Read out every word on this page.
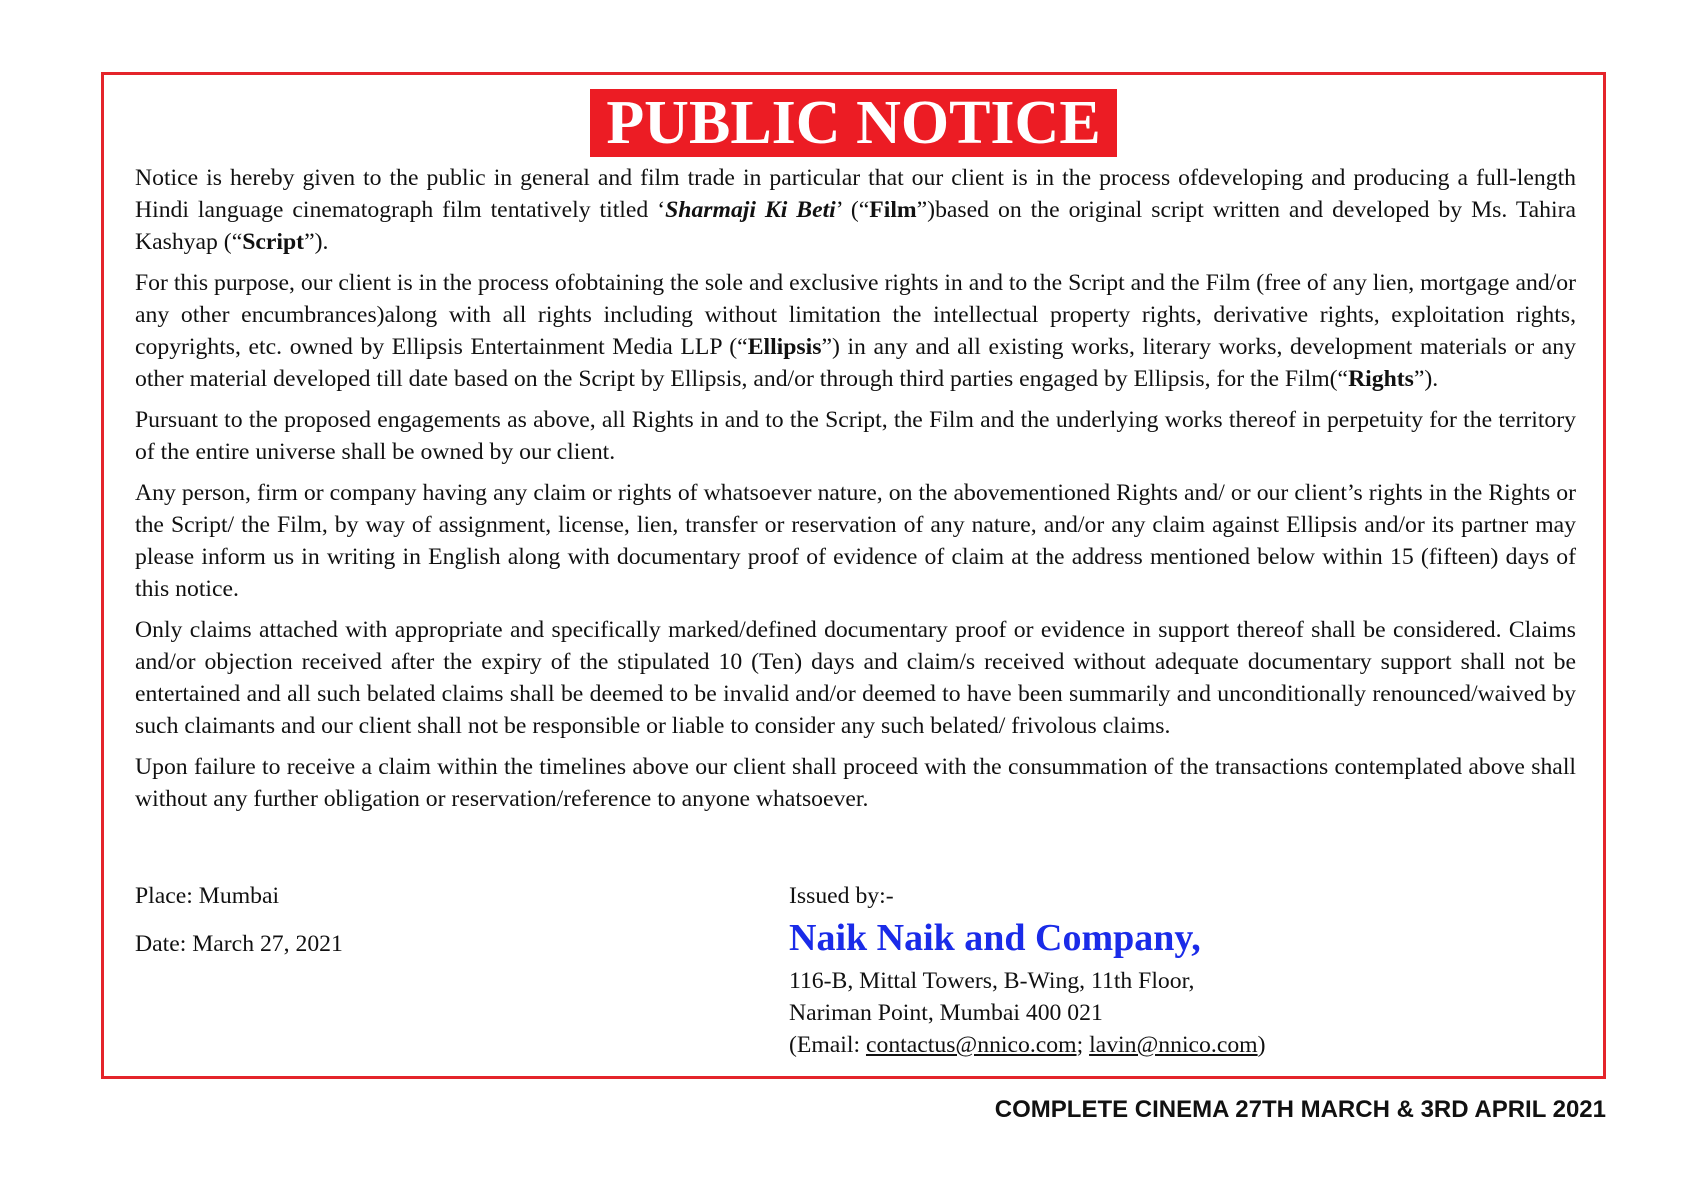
PUBLIC NOTICE

Notice is hereby given to the public in general and film trade in particular that our client is in the process ofdeveloping and producing a full-length Hindi language cinematograph film tentatively titled ‘Sharmaji Ki Beti’ (“Film”)based on the original script written and developed by Ms. Tahira Kashyap (“Script”).

For this purpose, our client is in the process ofobtaining the sole and exclusive rights in and to the Script and the Film (free of any lien, mortgage and/or any other encumbrances)along with all rights including without limitation the intellectual property rights, derivative rights, exploitation rights, copyrights, etc. owned by Ellipsis Entertainment Media LLP (“Ellipsis”) in any and all existing works, literary works, development materials or any other material developed till date based on the Script by Ellipsis, and/or through third parties engaged by Ellipsis, for the Film(“Rights”).

Pursuant to the proposed engagements as above, all Rights in and to the Script, the Film and the underlying works thereof in perpetuity for the territory of the entire universe shall be owned by our client.

Any person, firm or company having any claim or rights of whatsoever nature, on the abovementioned Rights and/ or our client’s rights in the Rights or the Script/ the Film, by way of assignment, license, lien, transfer or reservation of any nature, and/or any claim against Ellipsis and/or its partner may please inform us in writing in English along with documentary proof of evidence of claim at the address mentioned below within 15 (fifteen) days of this notice.

Only claims attached with appropriate and specifically marked/defined documentary proof or evidence in support thereof shall be considered. Claims and/or objection received after the expiry of the stipulated 10 (Ten) days and claim/s received without adequate documentary support shall not be entertained and all such belated claims shall be deemed to be invalid and/or deemed to have been summarily and unconditionally renounced/waived by such claimants and our client shall not be responsible or liable to consider any such belated/ frivolous claims.

Upon failure to receive a claim within the timelines above our client shall proceed with the consummation of the transactions contemplated above shall without any further obligation or reservation/reference to anyone whatsoever.

Place: Mumbai
Date: March 27, 2021
Issued by:-
Naik Naik and Company,
116-B, Mittal Towers, B-Wing, 11th Floor,
Nariman Point, Mumbai 400 021
(Email: contactus@nnico.com; lavin@nnico.com)
COMPLETE CINEMA 27TH MARCH & 3RD APRIL 2021
